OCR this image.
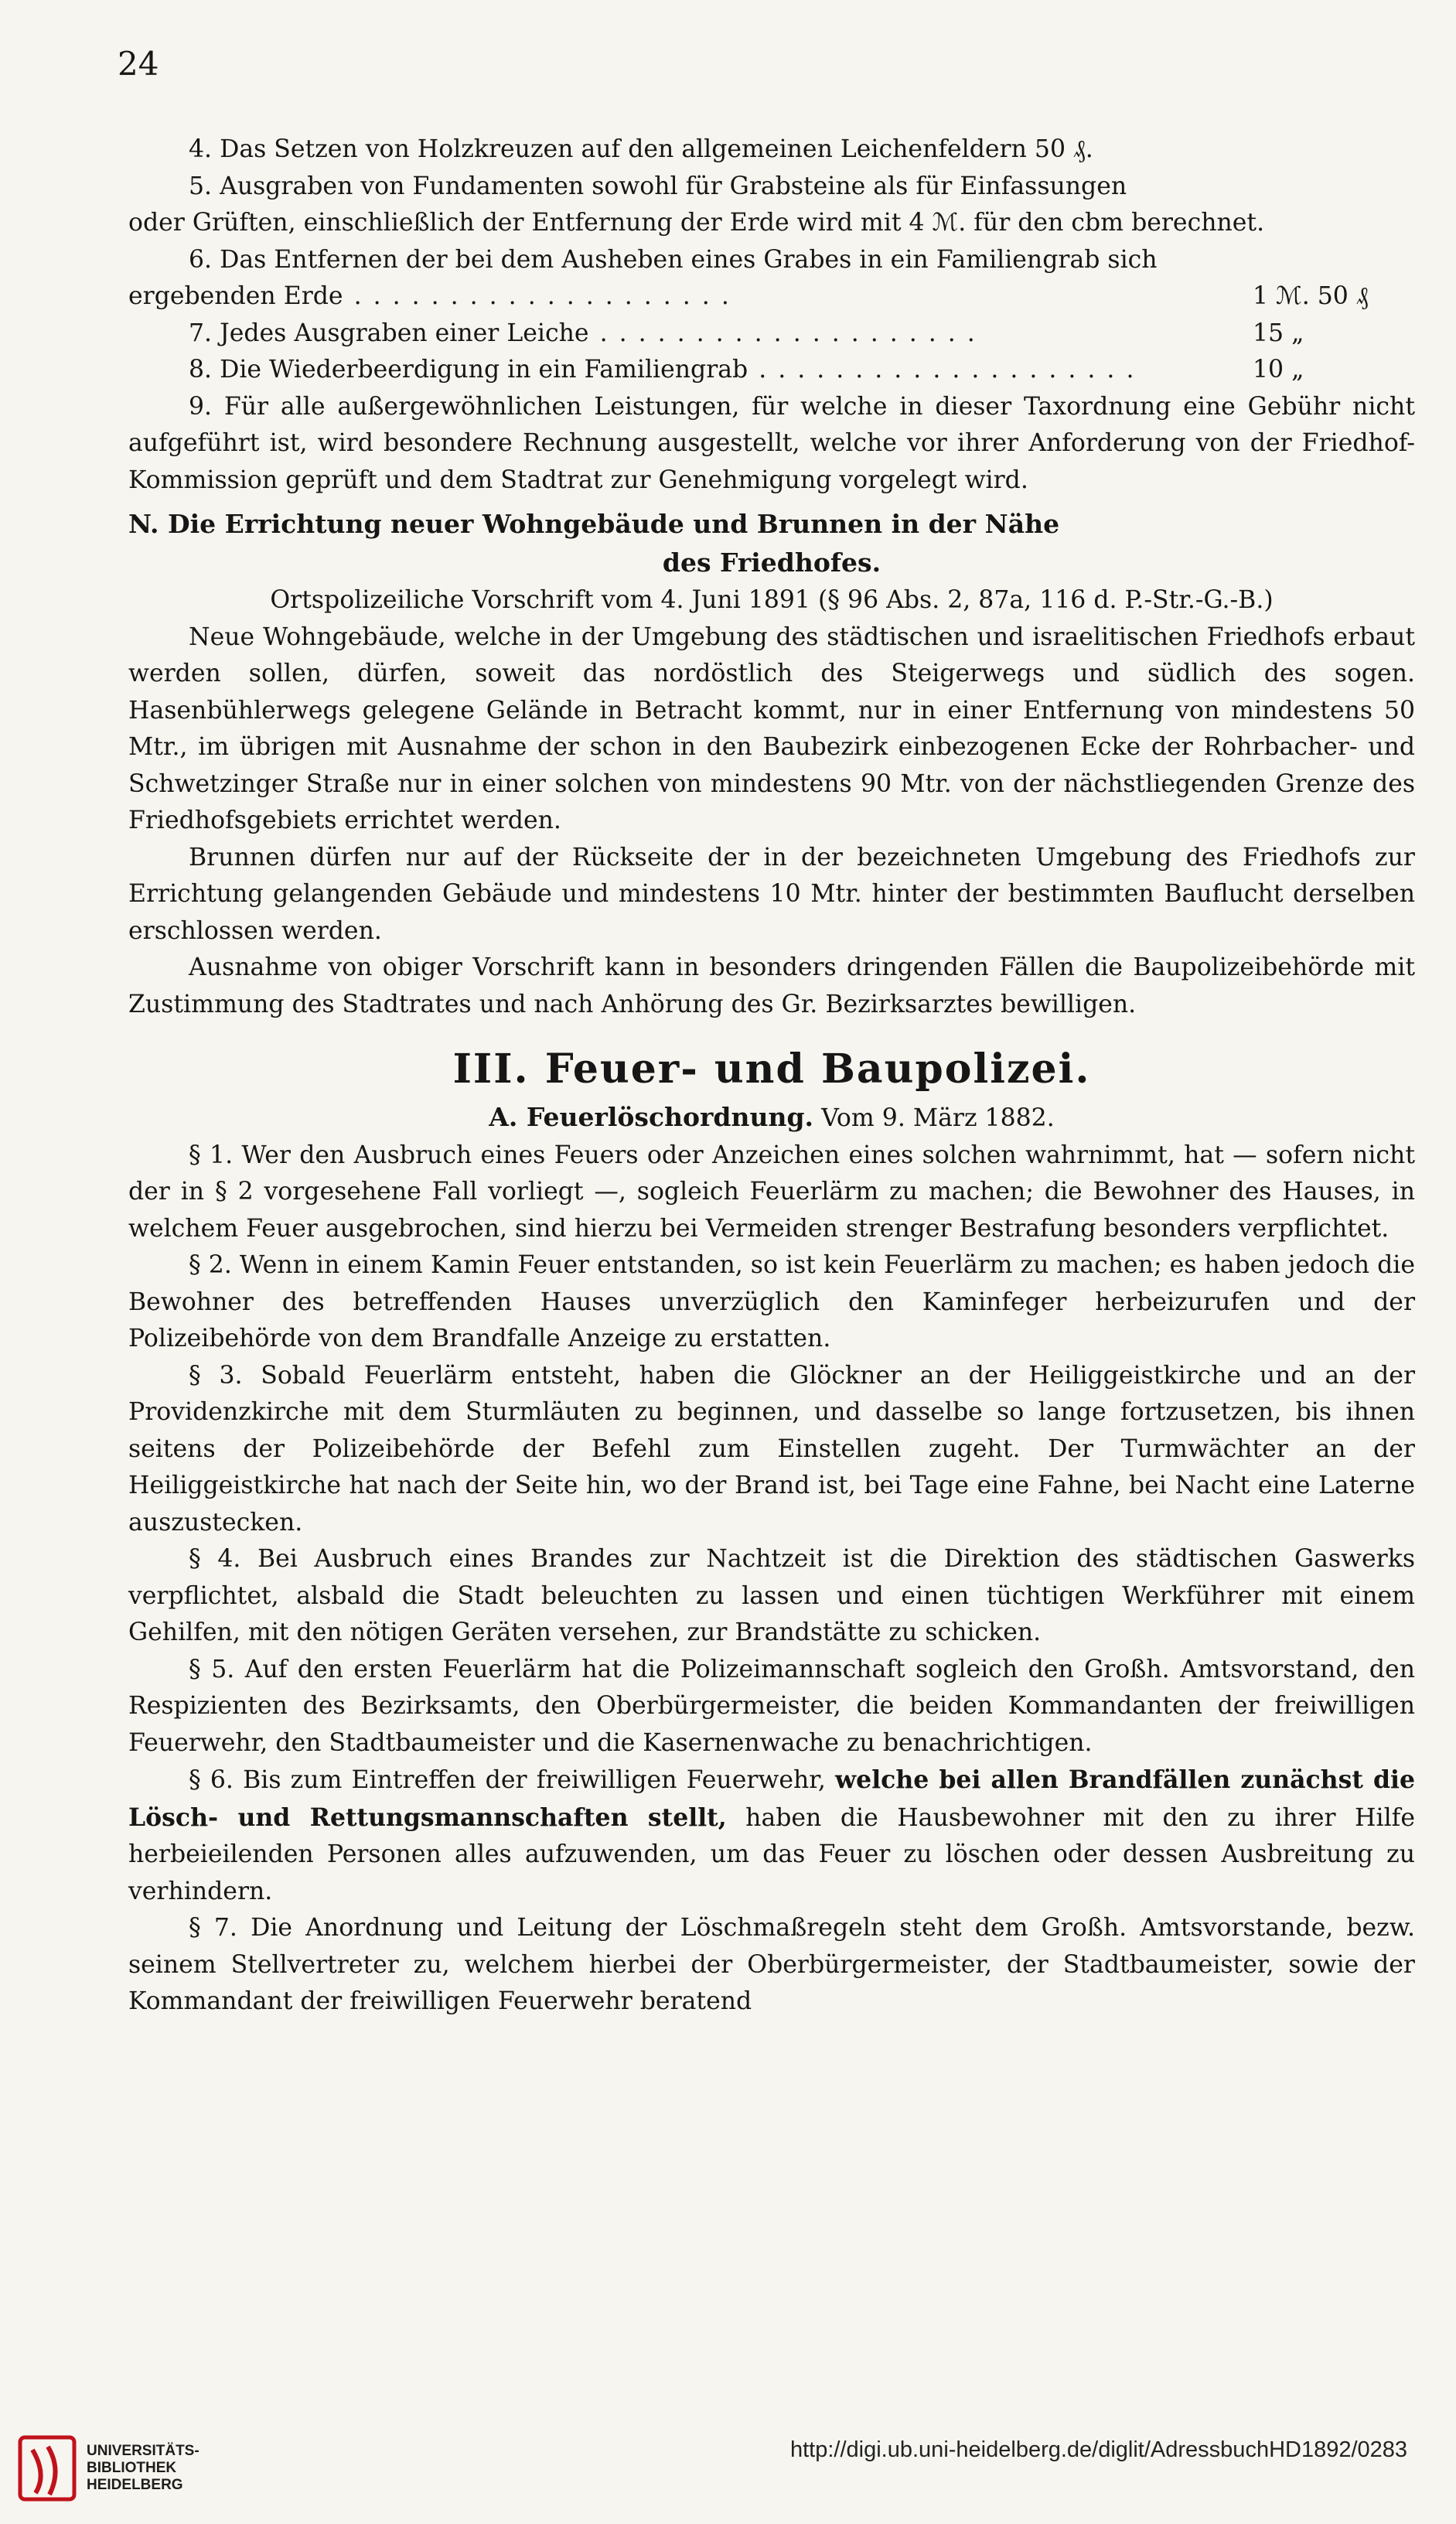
24

4. Das Setzen von Holzkreuzen auf den allgemeinen Leichenfeldern 50 ₰.

5. Ausgraben von Fundamenten sowohl für Grabsteine als für Einfassungen

oder Grüften, einschließlich der Entfernung der Erde wird mit 4 ℳ. für den cbm berechnet.

6. Das Entfernen der bei dem Ausheben eines Grabes in ein Familiengrab sich

ergebenden Erde ....................	1 ℳ. 50 ₰
7. Jedes Ausgraben einer Leiche ....................	15 „
8. Die Wiederbeerdigung in ein Familiengrab ....................	10 „

9. Für alle außergewöhnlichen Leistungen, für welche in dieser Taxordnung eine Gebühr nicht aufgeführt ist, wird besondere Rechnung ausgestellt, welche vor ihrer Anforderung von der Friedhof-Kommission geprüft und dem Stadtrat zur Genehmigung vorgelegt wird.

N. Die Errichtung neuer Wohngebäude und Brunnen in der Nähe

des Friedhofes.

Ortspolizeiliche Vorschrift vom 4. Juni 1891 (§ 96 Abs. 2, 87a, 116 d. P.-Str.-G.-B.)

Neue Wohngebäude, welche in der Umgebung des städtischen und israelitischen Friedhofs erbaut werden sollen, dürfen, soweit das nordöstlich des Steigerwegs und südlich des sogen. Hasenbühlerwegs gelegene Gelände in Betracht kommt, nur in einer Entfernung von mindestens 50 Mtr., im übrigen mit Ausnahme der schon in den Baubezirk einbezogenen Ecke der Rohrbacher- und Schwetzinger Straße nur in einer solchen von mindestens 90 Mtr. von der nächstliegenden Grenze des Friedhofsgebiets errichtet werden.

Brunnen dürfen nur auf der Rückseite der in der bezeichneten Umgebung des Friedhofs zur Errichtung gelangenden Gebäude und mindestens 10 Mtr. hinter der bestimmten Bauflucht derselben erschlossen werden.

Ausnahme von obiger Vorschrift kann in besonders dringenden Fällen die Baupolizeibehörde mit Zustimmung des Stadtrates und nach Anhörung des Gr. Bezirksarztes bewilligen.

III. Feuer- und Baupolizei.

A. Feuerlöschordnung. Vom 9. März 1882.

§ 1. Wer den Ausbruch eines Feuers oder Anzeichen eines solchen wahrnimmt, hat — sofern nicht der in § 2 vorgesehene Fall vorliegt —, sogleich Feuerlärm zu machen; die Bewohner des Hauses, in welchem Feuer ausgebrochen, sind hierzu bei Vermeiden strenger Bestrafung besonders verpflichtet.

§ 2. Wenn in einem Kamin Feuer entstanden, so ist kein Feuerlärm zu machen; es haben jedoch die Bewohner des betreffenden Hauses unverzüglich den Kaminfeger herbeizurufen und der Polizeibehörde von dem Brandfalle Anzeige zu erstatten.

§ 3. Sobald Feuerlärm entsteht, haben die Glöckner an der Heiliggeistkirche und an der Providenzkirche mit dem Sturmläuten zu beginnen, und dasselbe so lange fortzusetzen, bis ihnen seitens der Polizeibehörde der Befehl zum Einstellen zugeht. Der Turmwächter an der Heiliggeistkirche hat nach der Seite hin, wo der Brand ist, bei Tage eine Fahne, bei Nacht eine Laterne auszustecken.

§ 4. Bei Ausbruch eines Brandes zur Nachtzeit ist die Direktion des städtischen Gaswerks verpflichtet, alsbald die Stadt beleuchten zu lassen und einen tüchtigen Werkführer mit einem Gehilfen, mit den nötigen Geräten versehen, zur Brandstätte zu schicken.

§ 5. Auf den ersten Feuerlärm hat die Polizeimannschaft sogleich den Großh. Amtsvorstand, den Respizienten des Bezirksamts, den Oberbürgermeister, die beiden Kommandanten der freiwilligen Feuerwehr, den Stadtbaumeister und die Kasernenwache zu benachrichtigen.

§ 6. Bis zum Eintreffen der freiwilligen Feuerwehr, welche bei allen Brandfällen zunächst die Lösch- und Rettungsmannschaften stellt, haben die Hausbewohner mit den zu ihrer Hilfe herbeieilenden Personen alles aufzuwenden, um das Feuer zu löschen oder dessen Ausbreitung zu verhindern.

§ 7. Die Anordnung und Leitung der Löschmaßregeln steht dem Großh. Amtsvorstande, bezw. seinem Stellvertreter zu, welchem hierbei der Oberbürgermeister, der Stadtbaumeister, sowie der Kommandant der freiwilligen Feuerwehr beratend

UNIVERSITÄTS-
BIBLIOTHEK
HEIDELBERG
http://digi.ub.uni-heidelberg.de/diglit/AdressbuchHD1892/0283
